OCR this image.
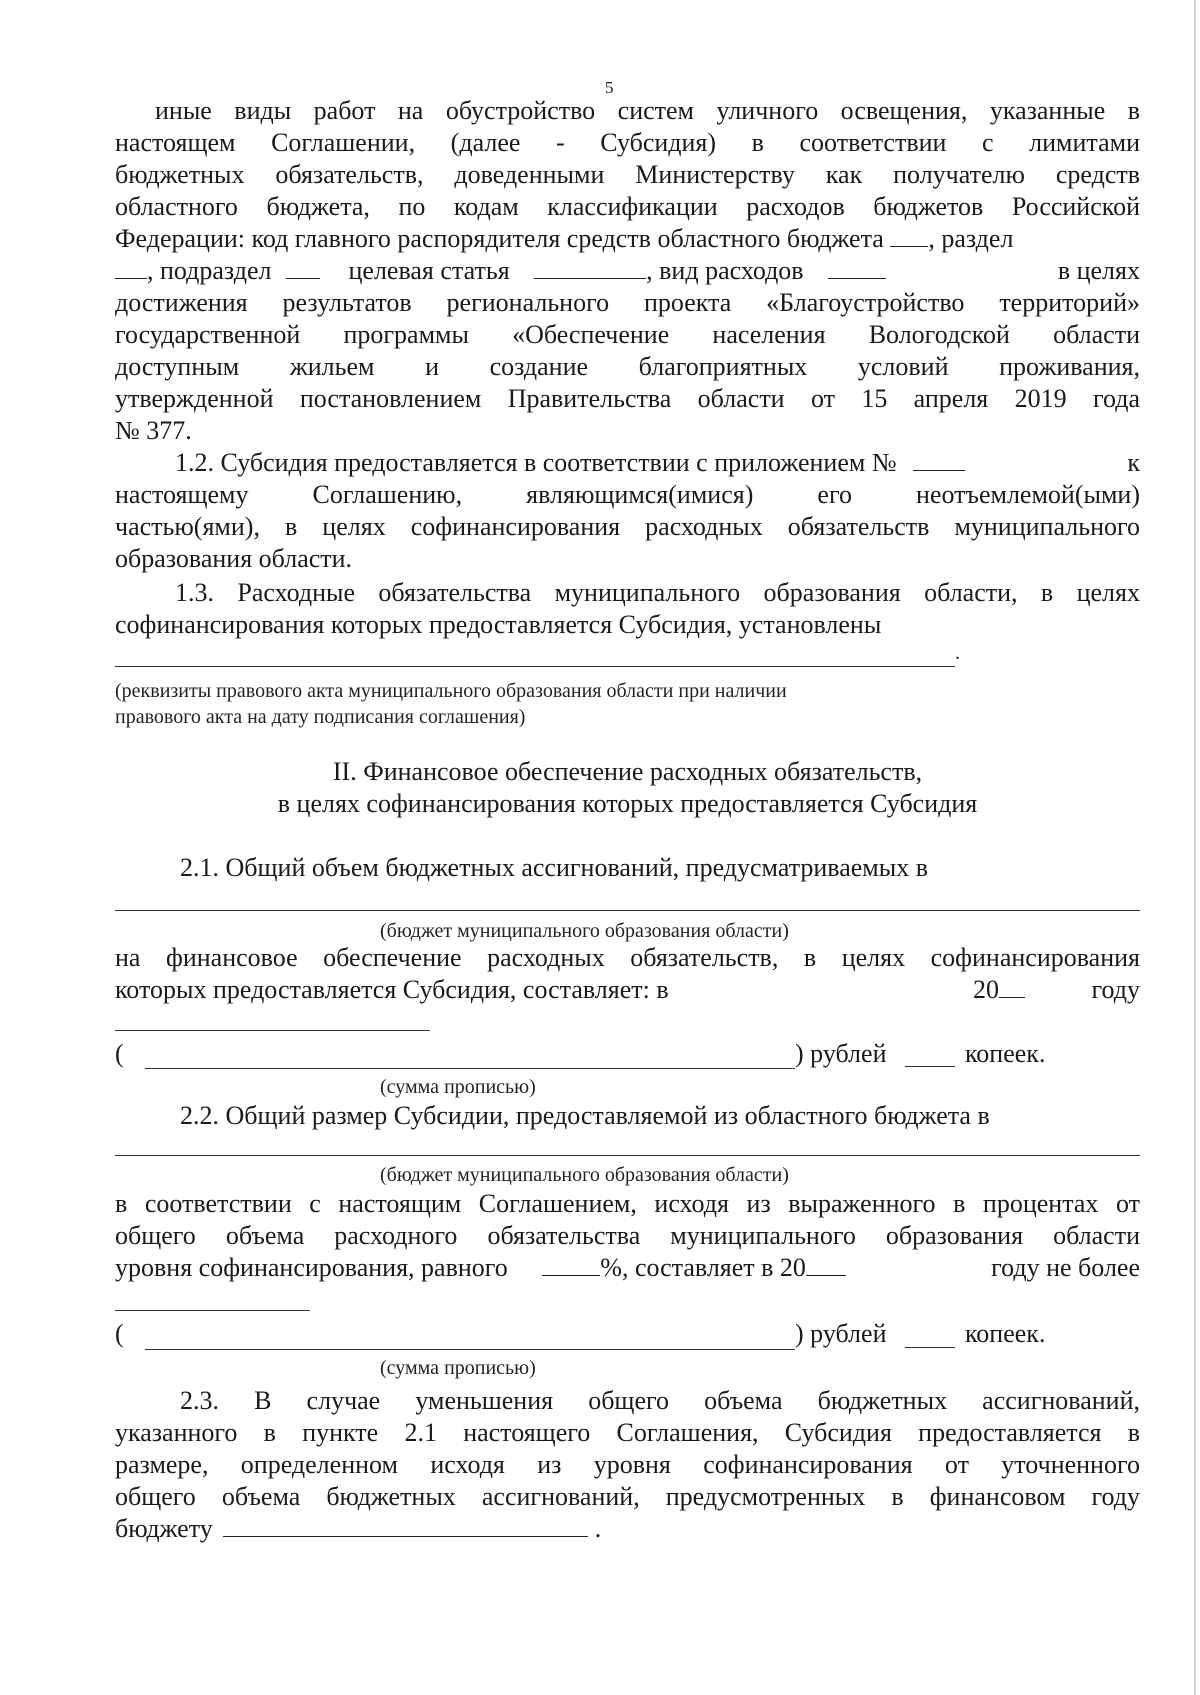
5
иные виды работ на обустройство систем уличного освещения, указанные в
настоящем Соглашении, (далее - Субсидия) в соответствии с лимитами
бюджетных обязательств, доведенными Министерству как получателю средств
областного бюджета, по кодам классификации расходов бюджетов Российской
Федерации: код главного распорядителя средств областного бюджета , раздел
, подраздел	целевая статья	, вид расходов	в целях
достижения результатов регионального проекта «Благоустройство территорий»
государственной программы «Обеспечение населения Вологодской области
доступным жильем и создание благоприятных условий проживания,
утвержденной постановлением Правительства области от 15 апреля 2019 года
№ 377.
1.2. Субсидия предоставляется в соответствии с приложением №	к
настоящему Соглашению, являющимся(имися) его неотъемлемой(ыми)
частью(ями), в целях софинансирования расходных обязательств муниципального
образования области.
1.3. Расходные обязательства муниципального образования области, в целях
софинансирования которых предоставляется Субсидия, установлены
.
(реквизиты правового акта муниципального образования области при наличии
правового акта на дату подписания соглашения)
II. Финансовое обеспечение расходных обязательств,
в целях софинансирования которых предоставляется Субсидия
2.1. Общий объем бюджетных ассигнований, предусматриваемых в
(бюджет муниципального образования области)
на финансовое обеспечение расходных обязательств, в целях софинансирования
которых предоставляется Субсидия, составляет: в	20	году
(	) рублей	копеек.
(сумма прописью)
2.2. Общий размер Субсидии, предоставляемой из областного бюджета в
(бюджет муниципального образования области)
в соответствии с настоящим Соглашением, исходя из выраженного в процентах от
общего объема расходного обязательства муниципального образования области
уровня софинансирования, равного	%, составляет в 20	году не более
(	) рублей	копеек.
(сумма прописью)
2.3. В случае уменьшения общего объема бюджетных ассигнований,
указанного в пункте 2.1 настоящего Соглашения, Субсидия предоставляется в
размере, определенном исходя из уровня софинансирования от уточненного
общего объема бюджетных ассигнований, предусмотренных в финансовом году
бюджету	.
